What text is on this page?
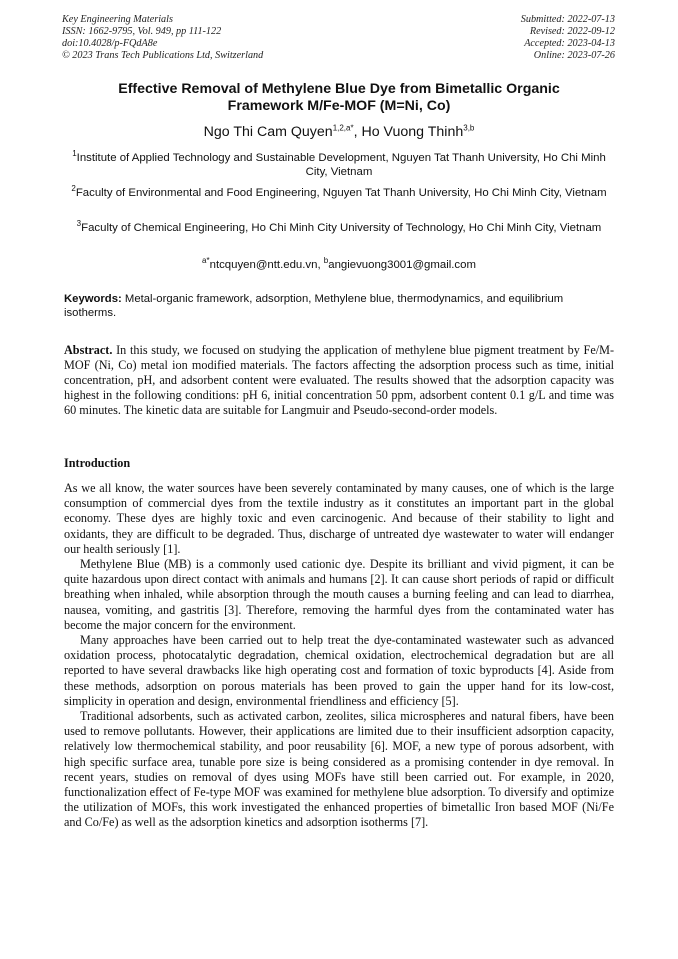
Key Engineering Materials
ISSN: 1662-9795, Vol. 949, pp 111-122
doi:10.4028/p-FQdA8e
© 2023 Trans Tech Publications Ltd, Switzerland
Submitted: 2022-07-13
Revised: 2022-09-12
Accepted: 2023-04-13
Online: 2023-07-26
Effective Removal of Methylene Blue Dye from Bimetallic Organic
Framework M/Fe-MOF (M=Ni, Co)
Ngo Thi Cam Quyen$^{1,2,a*}$, Ho Vuong Thinh$^{3,b}$
$^1$Institute of Applied Technology and Sustainable Development, Nguyen Tat Thanh University, Ho Chi Minh City, Vietnam
$^2$Faculty of Environmental and Food Engineering, Nguyen Tat Thanh University, Ho Chi Minh City, Vietnam
$^3$Faculty of Chemical Engineering, Ho Chi Minh City University of Technology, Ho Chi Minh City, Vietnam
$^{a*}$ntcquyen@ntt.edu.vn, $^b$angievuong3001@gmail.com
Keywords: Metal-organic framework, adsorption, Methylene blue, thermodynamics, and equilibrium isotherms.
Abstract. In this study, we focused on studying the application of methylene blue pigment treatment by Fe/M-MOF (Ni, Co) metal ion modified materials. The factors affecting the adsorption process such as time, initial concentration, pH, and adsorbent content were evaluated. The results showed that the adsorption capacity was highest in the following conditions: pH 6, initial concentration 50 ppm, adsorbent content 0.1 g/L and time was 60 minutes. The kinetic data are suitable for Langmuir and Pseudo-second-order models.
Introduction

As we all know, the water sources have been severely contaminated by many causes, one of which is the large consumption of commercial dyes from the textile industry as it constitutes an important part in the global economy. These dyes are highly toxic and even carcinogenic. And because of their stability to light and oxidants, they are difficult to be degraded. Thus, discharge of untreated dye wastewater to water will endanger our health seriously [1].

Methylene Blue (MB) is a commonly used cationic dye. Despite its brilliant and vivid pigment, it can be quite hazardous upon direct contact with animals and humans [2]. It can cause short periods of rapid or difficult breathing when inhaled, while absorption through the mouth causes a burning feeling and can lead to diarrhea, nausea, vomiting, and gastritis [3]. Therefore, removing the harmful dyes from the contaminated water has become the major concern for the environment.

Many approaches have been carried out to help treat the dye-contaminated wastewater such as advanced oxidation process, photocatalytic degradation, chemical oxidation, electrochemical degradation but are all reported to have several drawbacks like high operating cost and formation of toxic byproducts [4]. Aside from these methods, adsorption on porous materials has been proved to gain the upper hand for its low-cost, simplicity in operation and design, environmental friendliness and efficiency [5].

Traditional adsorbents, such as activated carbon, zeolites, silica microspheres and natural fibers, have been used to remove pollutants. However, their applications are limited due to their insufficient adsorption capacity, relatively low thermochemical stability, and poor reusability [6]. MOF, a new type of porous adsorbent, with high specific surface area, tunable pore size is being considered as a promising contender in dye removal. In recent years, studies on removal of dyes using MOFs have still been carried out. For example, in 2020, functionalization effect of Fe-type MOF was examined for methylene blue adsorption. To diversify and optimize the utilization of MOFs, this work investigated the enhanced properties of bimetallic Iron based MOF (Ni/Fe and Co/Fe) as well as the adsorption kinetics and adsorption isotherms [7].
